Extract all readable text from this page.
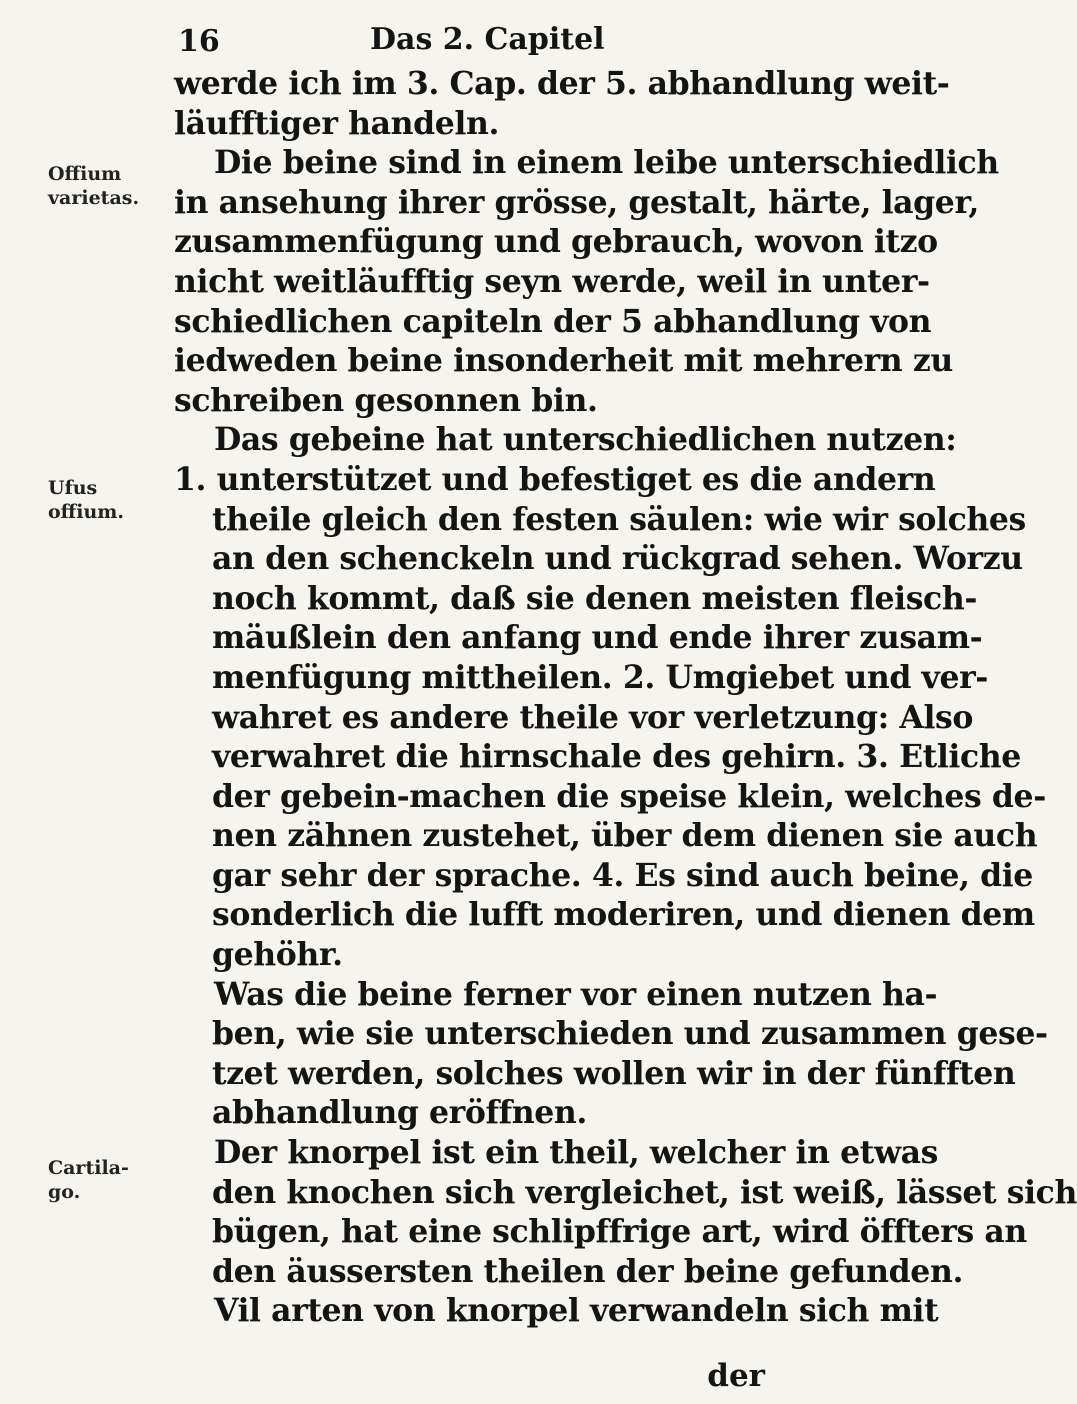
16	Das 2. Capitel
Offium varietas.
Ufus offium.
Cartila-go.
werde ich im 3. Cap. der 5. abhandlung weit-
läufftiger handeln.
Die beine sind in einem leibe unterschiedlich
in ansehung ihrer grösse, gestalt, härte, lager,
zusammenfügung und gebrauch, wovon itzo
nicht weitläufftig seyn werde, weil in unter-
schiedlichen capiteln der 5 abhandlung von
iedweden beine insonderheit mit mehrern zu
schreiben gesonnen bin.
Das gebeine hat unterschiedlichen nutzen:
1. unterstützet und befestiget es die andern
theile gleich den festen säulen: wie wir solches
an den schenckeln und rückgrad sehen. Worzu
noch kommt, daß sie denen meisten fleisch-
mäußlein den anfang und ende ihrer zusam-
menfügung mittheilen. 2. Umgiebet und ver-
wahret es andere theile vor verletzung: Also
verwahret die hirnschale des gehirn. 3. Etliche
der gebein-machen die speise klein, welches de-
nen zähnen zustehet, über dem dienen sie auch
gar sehr der sprache. 4. Es sind auch beine, die
sonderlich die lufft moderiren, und dienen dem
gehöhr.
Was die beine ferner vor einen nutzen ha-
ben, wie sie unterschieden und zusammen gese-
tzet werden, solches wollen wir in der fünfften
abhandlung eröffnen.
Der knorpel ist ein theil, welcher in etwas
den knochen sich vergleichet, ist weiß, lässet sich
bügen, hat eine schlipffrige art, wird öffters an
den äussersten theilen der beine gefunden.
Vil arten von knorpel verwandeln sich mit
der
